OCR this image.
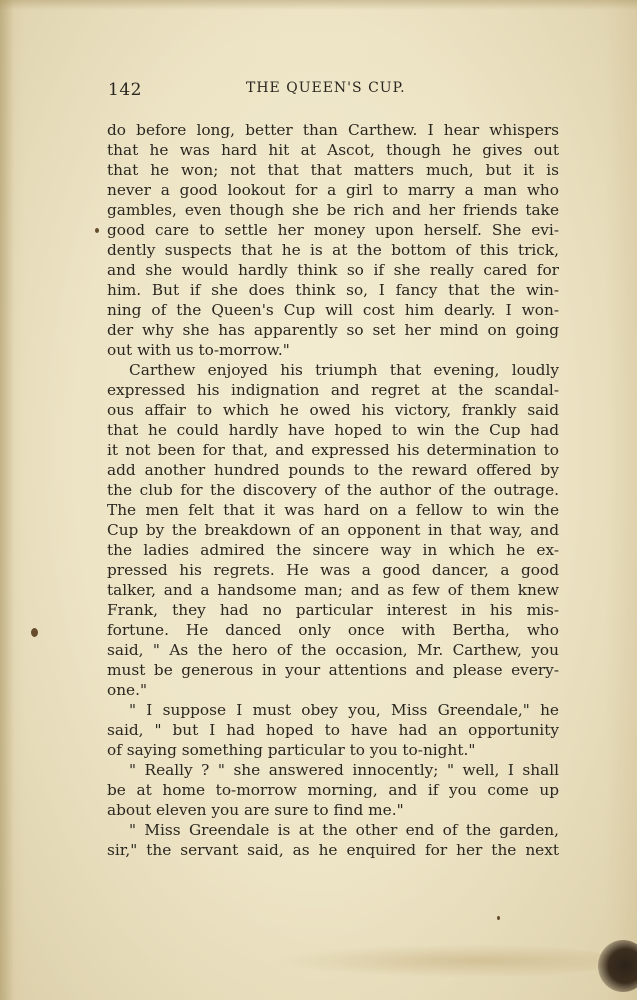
142	THE QUEEN'S CUP.
do before long, better than Carthew. I hear whispers
that he was hard hit at Ascot, though he gives out
that he won; not that that matters much, but it is
never a good lookout for a girl to marry a man who
gambles, even though she be rich and her friends take
good care to settle her money upon herself. She evi-
dently suspects that he is at the bottom of this trick,
and she would hardly think so if she really cared for
him. But if she does think so, I fancy that the win-
ning of the Queen's Cup will cost him dearly. I won-
der why she has apparently so set her mind on going
out with us to-morrow."
Carthew enjoyed his triumph that evening, loudly
expressed his indignation and regret at the scandal-
ous affair to which he owed his victory, frankly said
that he could hardly have hoped to win the Cup had
it not been for that, and expressed his determination to
add another hundred pounds to the reward offered by
the club for the discovery of the author of the outrage.
The men felt that it was hard on a fellow to win the
Cup by the breakdown of an opponent in that way, and
the ladies admired the sincere way in which he ex-
pressed his regrets. He was a good dancer, a good
talker, and a handsome man; and as few of them knew
Frank, they had no particular interest in his mis-
fortune. He danced only once with Bertha, who
said, " As the hero of the occasion, Mr. Carthew, you
must be generous in your attentions and please every-
one."
" I suppose I must obey you, Miss Greendale," he
said, " but I had hoped to have had an opportunity
of saying something particular to you to-night."
" Really ? " she answered innocently; " well, I shall
be at home to-morrow morning, and if you come up
about eleven you are sure to find me."
" Miss Greendale is at the other end of the garden,
sir," the servant said, as he enquired for her the next
